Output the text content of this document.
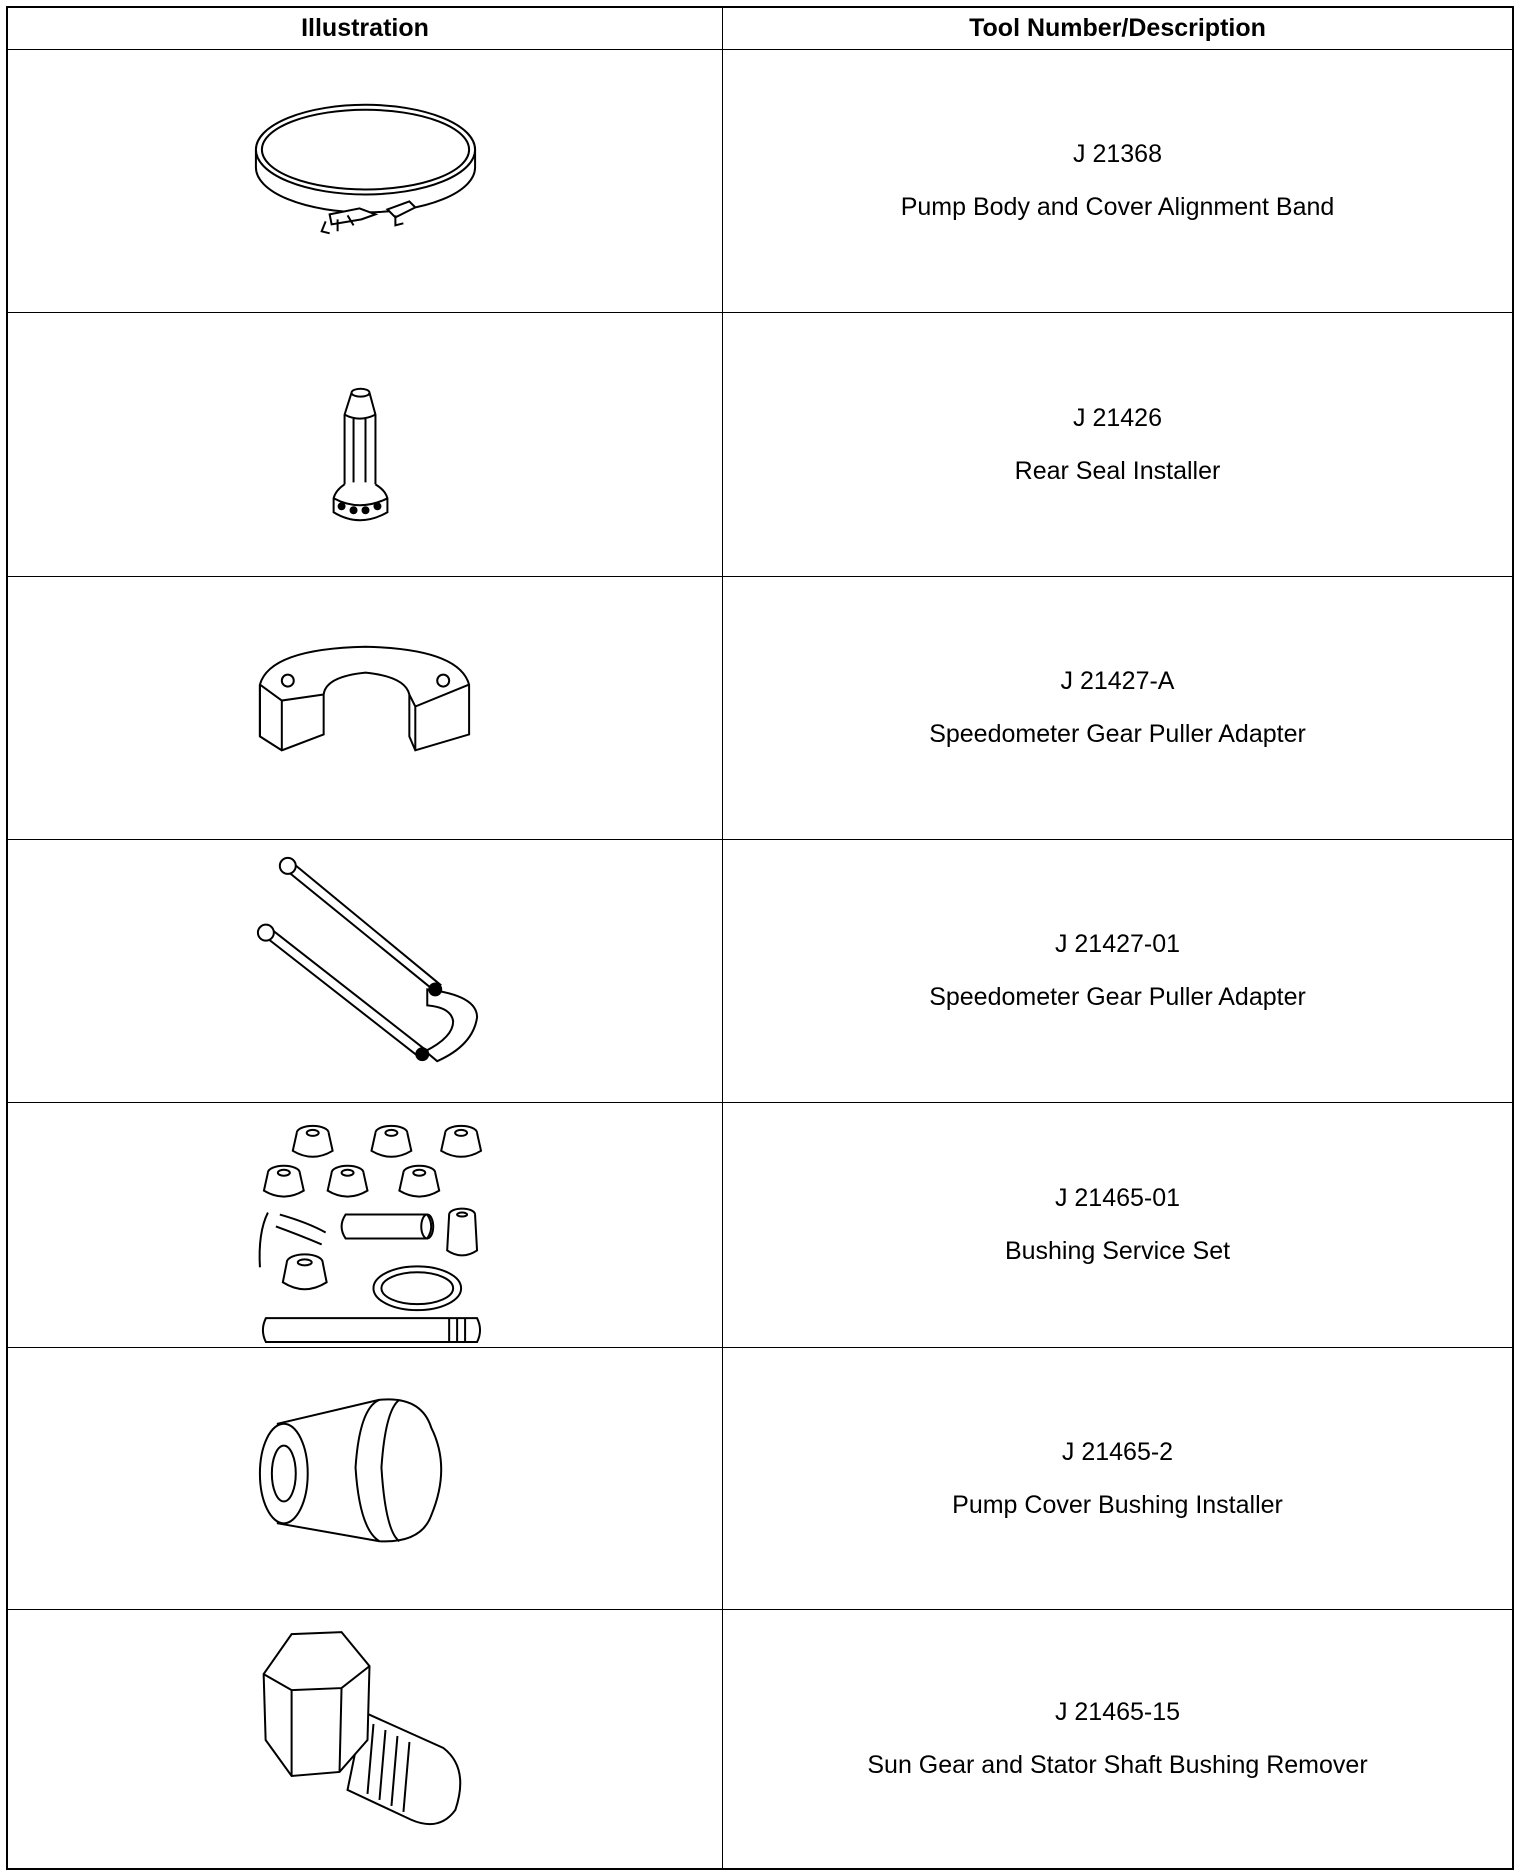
Illustration	Tool Number/Description
J 21368
Pump Body and Cover Alignment Band
J 21426
Rear Seal Installer
J 21427-A
Speedometer Gear Puller Adapter
J 21427-01
Speedometer Gear Puller Adapter
J 21465-01
Bushing Service Set
J 21465-2
Pump Cover Bushing Installer
J 21465-15
Sun Gear and Stator Shaft Bushing Remover
